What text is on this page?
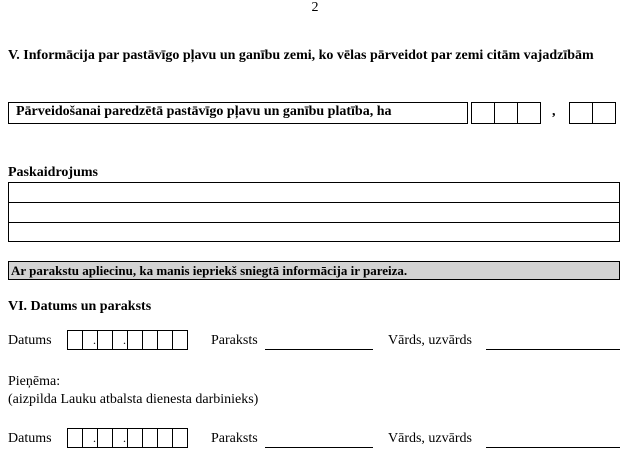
2
V. Informācija par pastāvīgo pļavu un ganību zemi, ko vēlas pārveidot par zemi citām vajadzībām
Pārveidošanai paredzētā pastāvīgo pļavu un ganību platība, ha	,
Paskaidrojums
Ar parakstu apliecinu, ka manis iepriekš sniegtā informācija ir pareiza.
VI. Datums un paraksts
Datums	. .	Paraksts	Vārds, uzvārds
Pieņēma:
(aizpilda Lauku atbalsta dienesta darbinieks)
Datums	. .	Paraksts	Vārds, uzvārds
